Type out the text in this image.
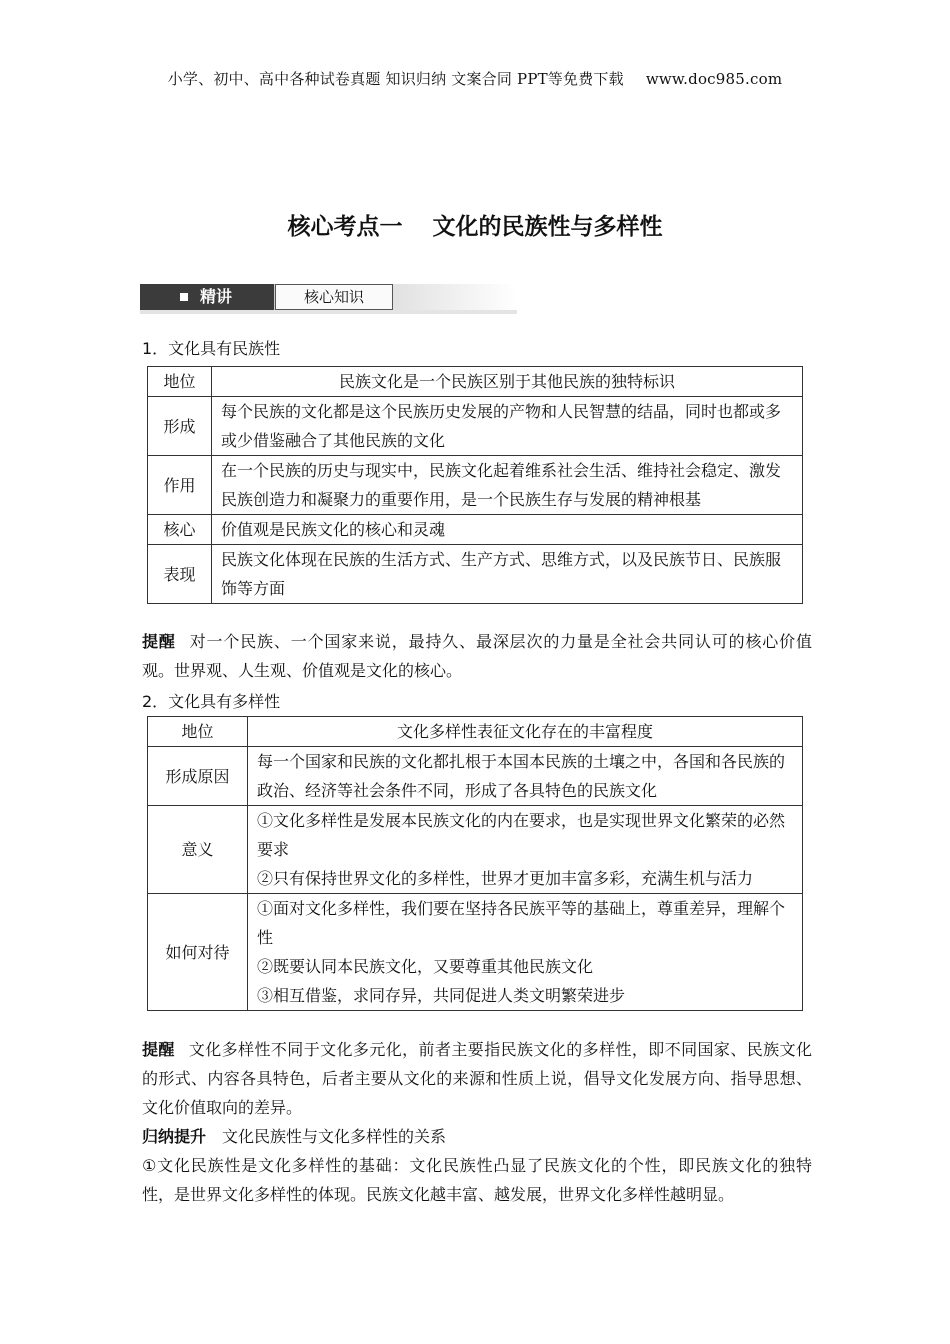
小学、初中、高中各种试卷真题 知识归纳 文案合同 PPT等免费下载 www.doc985.com
核心考点一 文化的民族性与多样性
精讲	核心知识
1．文化具有民族性
地位	民族文化是一个民族区别于其他民族的独特标识
形成	每个民族的文化都是这个民族历史发展的产物和人民智慧的结晶，同时也都或多或少借鉴融合了其他民族的文化
作用	在一个民族的历史与现实中，民族文化起着维系社会生活、维持社会稳定、激发民族创造力和凝聚力的重要作用，是一个民族生存与发展的精神根基
核心	价值观是民族文化的核心和灵魂
表现	民族文化体现在民族的生活方式、生产方式、思维方式，以及民族节日、民族服饰等方面
提醒 对一个民族、一个国家来说，最持久、最深层次的力量是全社会共同认可的核心价值观。世界观、人生观、价值观是文化的核心。
2．文化具有多样性
地位	文化多样性表征文化存在的丰富程度

形成原因	每一个国家和民族的文化都扎根于本国本民族的土壤之中，各国和各民族的政治、经济等社会条件不同，形成了各具特色的民族文化

意义	①文化多样性是发展本民族文化的内在要求，也是实现世界文化繁荣的必然要求
②只有保持世界文化的多样性，世界才更加丰富多彩，充满生机与活力

如何对待	①面对文化多样性，我们要在坚持各民族平等的基础上，尊重差异，理解个性
②既要认同本民族文化，又要尊重其他民族文化
③相互借鉴，求同存异，共同促进人类文明繁荣进步
提醒 文化多样性不同于文化多元化，前者主要指民族文化的多样性，即不同国家、民族文化的形式、内容各具特色，后者主要从文化的来源和性质上说，倡导文化发展方向、指导思想、文化价值取向的差异。
归纳提升 文化民族性与文化多样性的关系
①文化民族性是文化多样性的基础：文化民族性凸显了民族文化的个性，即民族文化的独特性，是世界文化多样性的体现。民族文化越丰富、越发展，世界文化多样性越明显。
